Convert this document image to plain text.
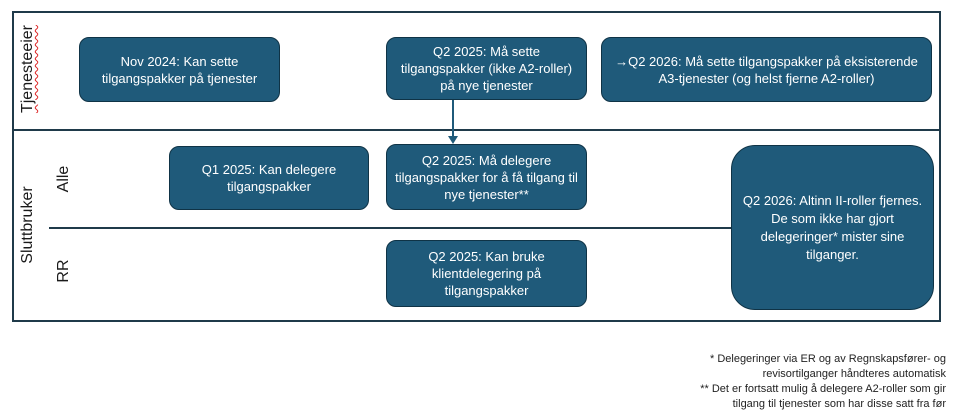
Tjenesteeier
Sluttbruker
Alle
RR
Nov 2024: Kan sette tilgangspakker på tjenester
Q2 2025: Må sette tilgangspakker (ikke A2-roller) på nye tjenester
→Q2 2026: Må sette tilgangspakker på eksisterende A3-tjenester (og helst fjerne A2-roller)
Q1 2025: Kan delegere tilgangspakker
Q2 2025: Må delegere tilgangspakker for å få tilgang til nye tjenester**
Q2 2025: Kan bruke klientdelegering på tilgangspakker
Q2 2026: Altinn II-roller fjernes. De som ikke har gjort delegeringer* mister sine tilganger.
* Delegeringer via ER og av Regnskapsfører- og
revisortilganger håndteres automatisk
** Det er fortsatt mulig å delegere A2-roller som gir
tilgang til tjenester som har disse satt fra før
